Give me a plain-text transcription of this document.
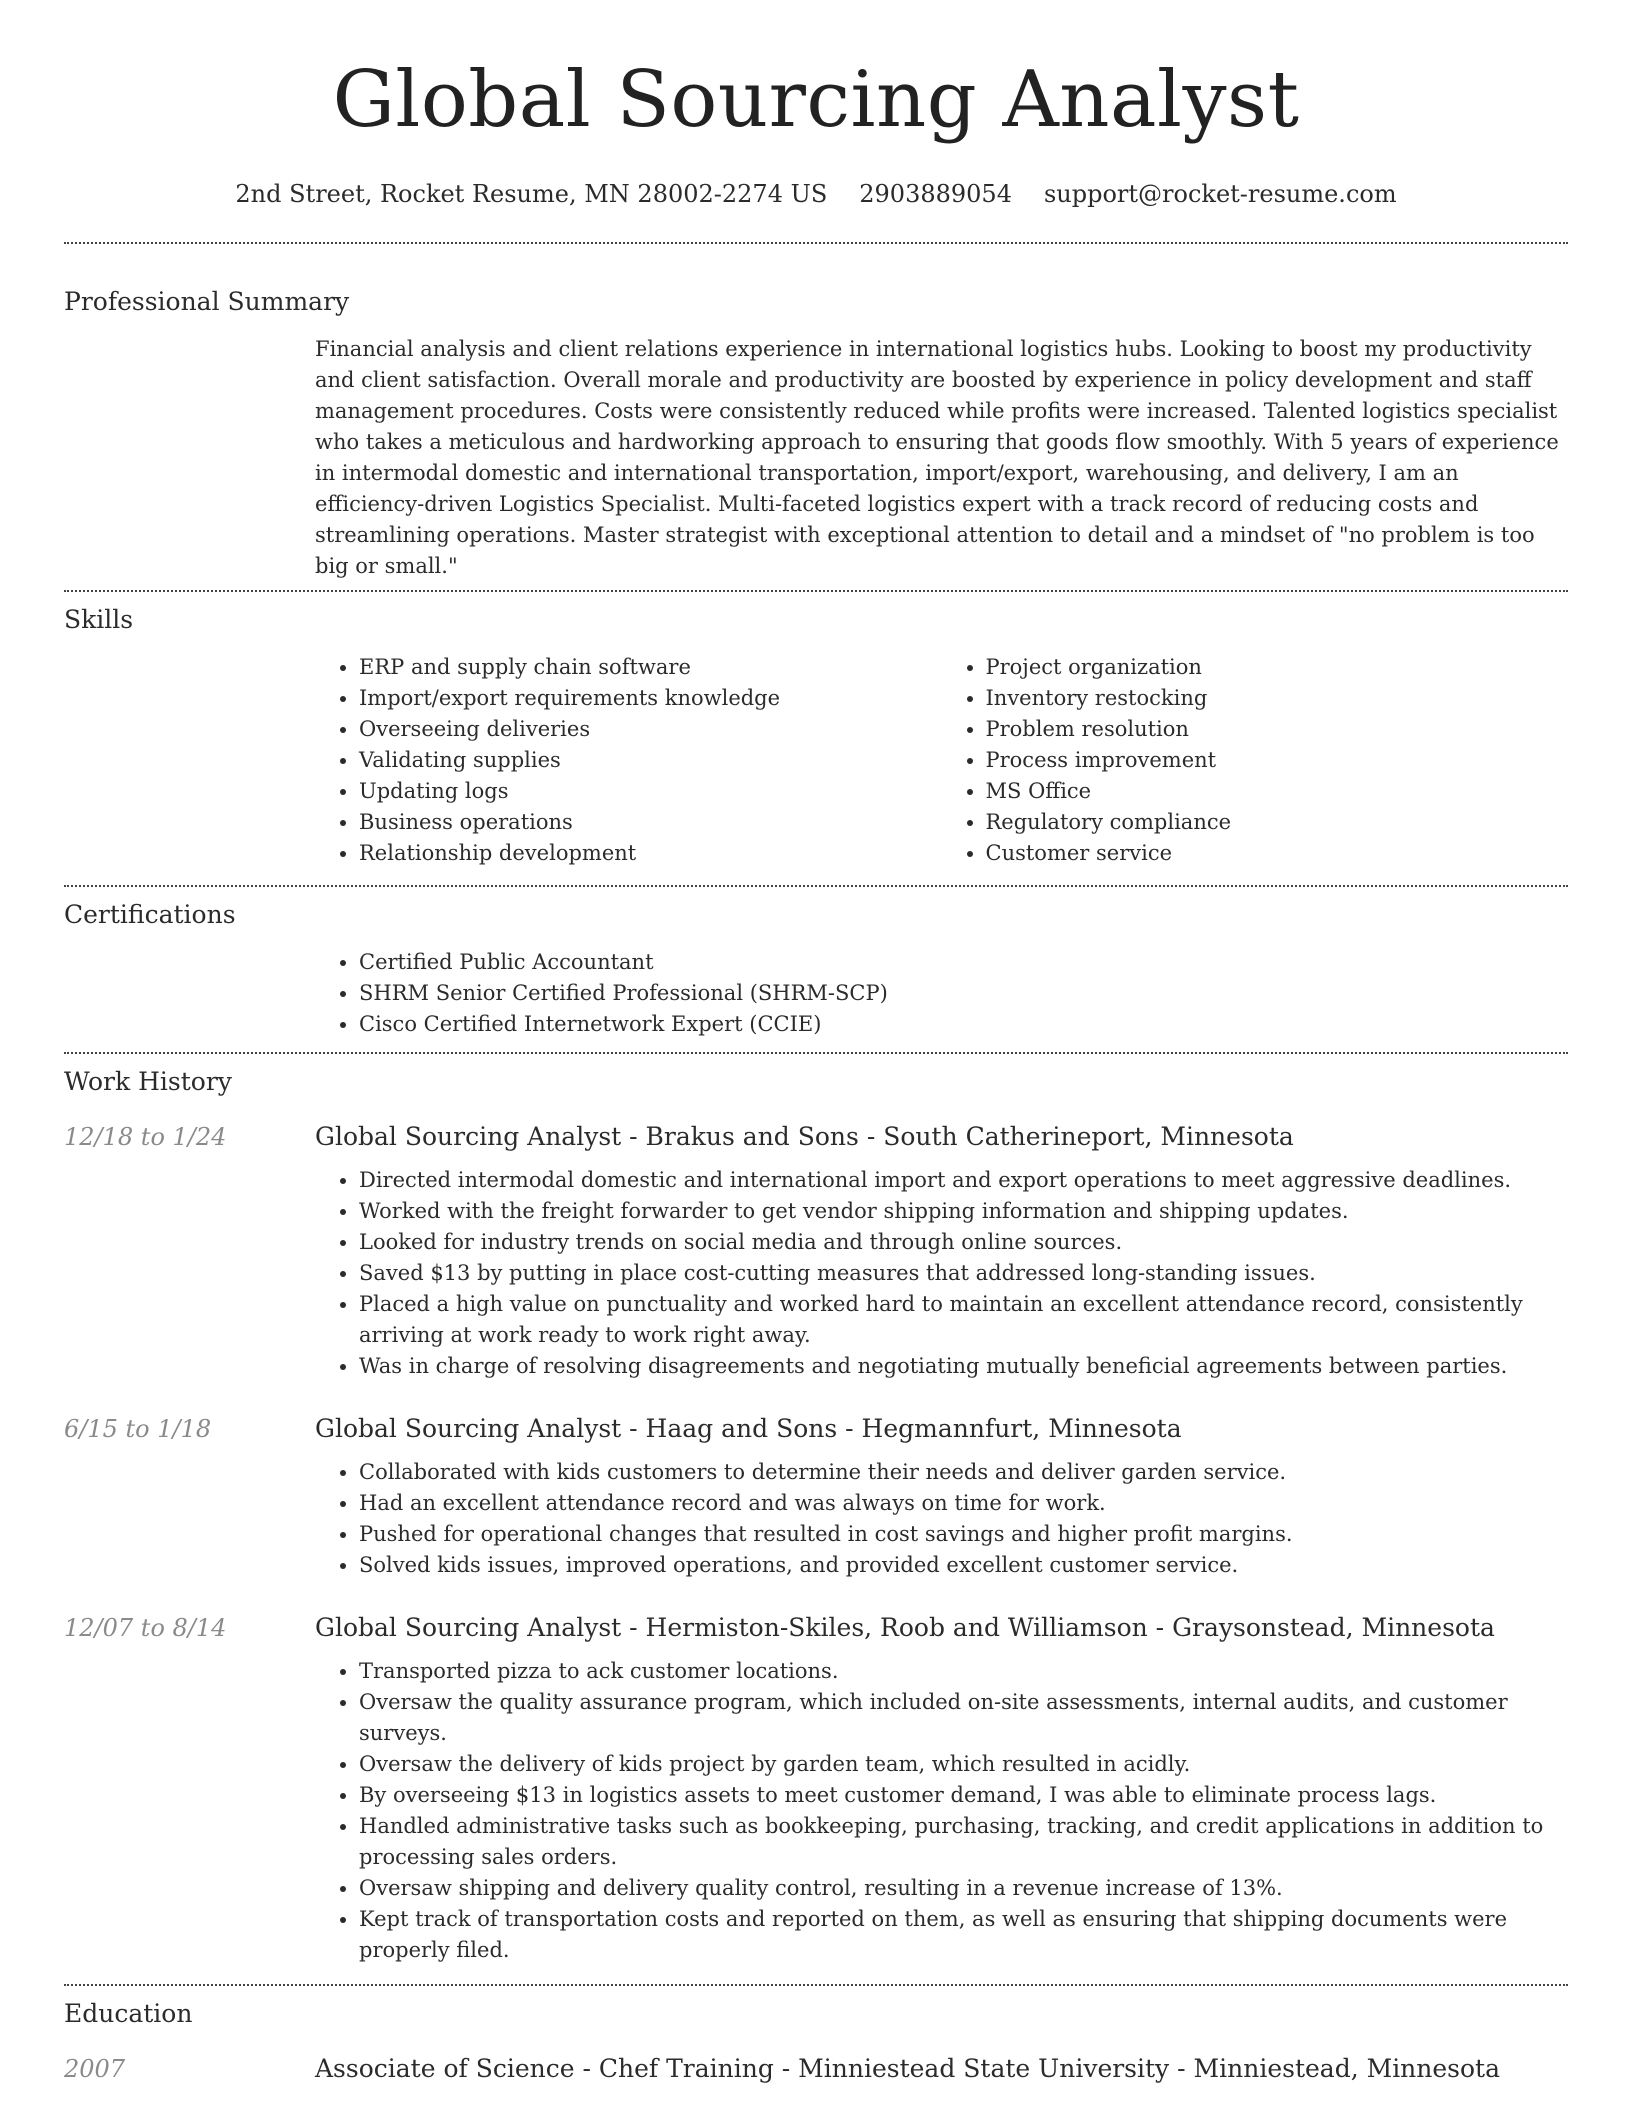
Global Sourcing Analyst
2nd Street, Rocket Resume, MN 28002-2274 US 2903889054 support@rocket-resume.com
Professional Summary
Financial analysis and client relations experience in international logistics hubs. Looking to boost my productivity and client satisfaction. Overall morale and productivity are boosted by experience in policy development and staff management procedures. Costs were consistently reduced while profits were increased. Talented logistics specialist who takes a meticulous and hardworking approach to ensuring that goods flow smoothly. With 5 years of experience in intermodal domestic and international transportation, import/export, warehousing, and delivery, I am an efficiency-driven Logistics Specialist. Multi-faceted logistics expert with a track record of reducing costs and streamlining operations. Master strategist with exceptional attention to detail and a mindset of "no problem is too big or small."
Skills
• ERP and supply chain software
• Import/export requirements knowledge
• Overseeing deliveries
• Validating supplies
• Updating logs
• Business operations
• Relationship development
• Project organization
• Inventory restocking
• Problem resolution
• Process improvement
• MS Office
• Regulatory compliance
• Customer service
Certifications
• Certified Public Accountant
• SHRM Senior Certified Professional (SHRM-SCP)
• Cisco Certified Internetwork Expert (CCIE)
Work History
12/18 to 1/24	Global Sourcing Analyst - Brakus and Sons - South Catherineport, Minnesota
• Directed intermodal domestic and international import and export operations to meet aggressive deadlines.
• Worked with the freight forwarder to get vendor shipping information and shipping updates.
• Looked for industry trends on social media and through online sources.
• Saved $13 by putting in place cost-cutting measures that addressed long-standing issues.
• Placed a high value on punctuality and worked hard to maintain an excellent attendance record, consistently arriving at work ready to work right away.
• Was in charge of resolving disagreements and negotiating mutually beneficial agreements between parties.
6/15 to 1/18	Global Sourcing Analyst - Haag and Sons - Hegmannfurt, Minnesota
• Collaborated with kids customers to determine their needs and deliver garden service.
• Had an excellent attendance record and was always on time for work.
• Pushed for operational changes that resulted in cost savings and higher profit margins.
• Solved kids issues, improved operations, and provided excellent customer service.
12/07 to 8/14	Global Sourcing Analyst - Hermiston-Skiles, Roob and Williamson - Graysonstead, Minnesota
• Transported pizza to ack customer locations.
• Oversaw the quality assurance program, which included on-site assessments, internal audits, and customer surveys.
• Oversaw the delivery of kids project by garden team, which resulted in acidly.
• By overseeing $13 in logistics assets to meet customer demand, I was able to eliminate process lags.
• Handled administrative tasks such as bookkeeping, purchasing, tracking, and credit applications in addition to processing sales orders.
• Oversaw shipping and delivery quality control, resulting in a revenue increase of 13%.
• Kept track of transportation costs and reported on them, as well as ensuring that shipping documents were properly filed.
Education
2007	Associate of Science - Chef Training - Minniestead State University - Minniestead, Minnesota
